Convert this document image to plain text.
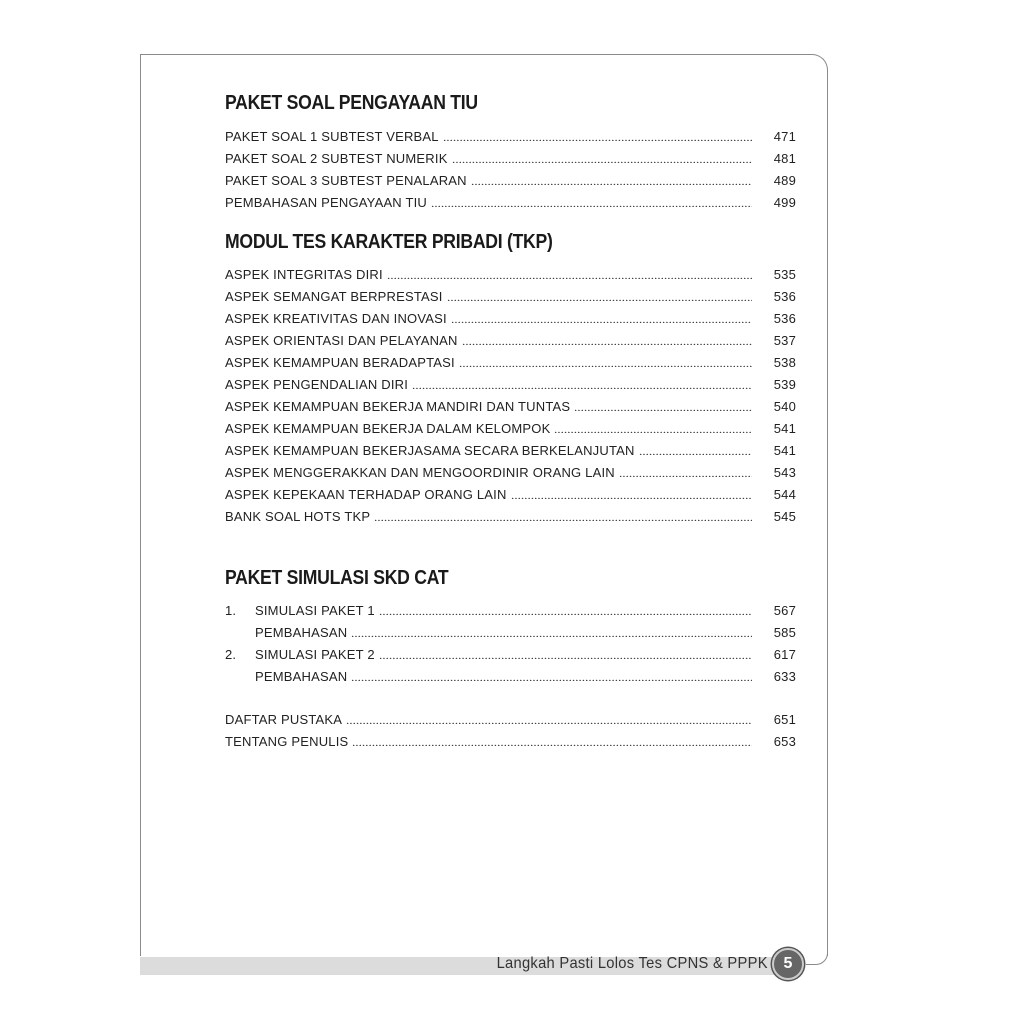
Langkah Pasti Lolos Tes CPNS & PPPK 5
PAKET SOAL PENGAYAAN TIU
MODUL TES KARAKTER PRIBADI (TKP)
PAKET SIMULASI SKD CAT
PAKET SOAL 1 SUBTEST VERBAL	471
PAKET SOAL 2 SUBTEST NUMERIK	481
PAKET SOAL 3 SUBTEST PENALARAN	489
PEMBAHASAN PENGAYAAN TIU	499
ASPEK INTEGRITAS DIRI	535
ASPEK SEMANGAT BERPRESTASI	536
ASPEK KREATIVITAS DAN INOVASI	536
ASPEK ORIENTASI DAN PELAYANAN	537
ASPEK KEMAMPUAN BERADAPTASI	538
ASPEK PENGENDALIAN DIRI	539
ASPEK KEMAMPUAN BEKERJA MANDIRI DAN TUNTAS	540
ASPEK KEMAMPUAN BEKERJA DALAM KELOMPOK	541
ASPEK KEMAMPUAN BEKERJASAMA SECARA BERKELANJUTAN	541
ASPEK MENGGERAKKAN DAN MENGOORDINIR ORANG LAIN	543
ASPEK KEPEKAAN TERHADAP ORANG LAIN	544
BANK SOAL HOTS TKP	545
1. SIMULASI PAKET 1	567
PEMBAHASAN	585
2. SIMULASI PAKET 2	617
PEMBAHASAN	633
DAFTAR PUSTAKA	651
TENTANG PENULIS	653
